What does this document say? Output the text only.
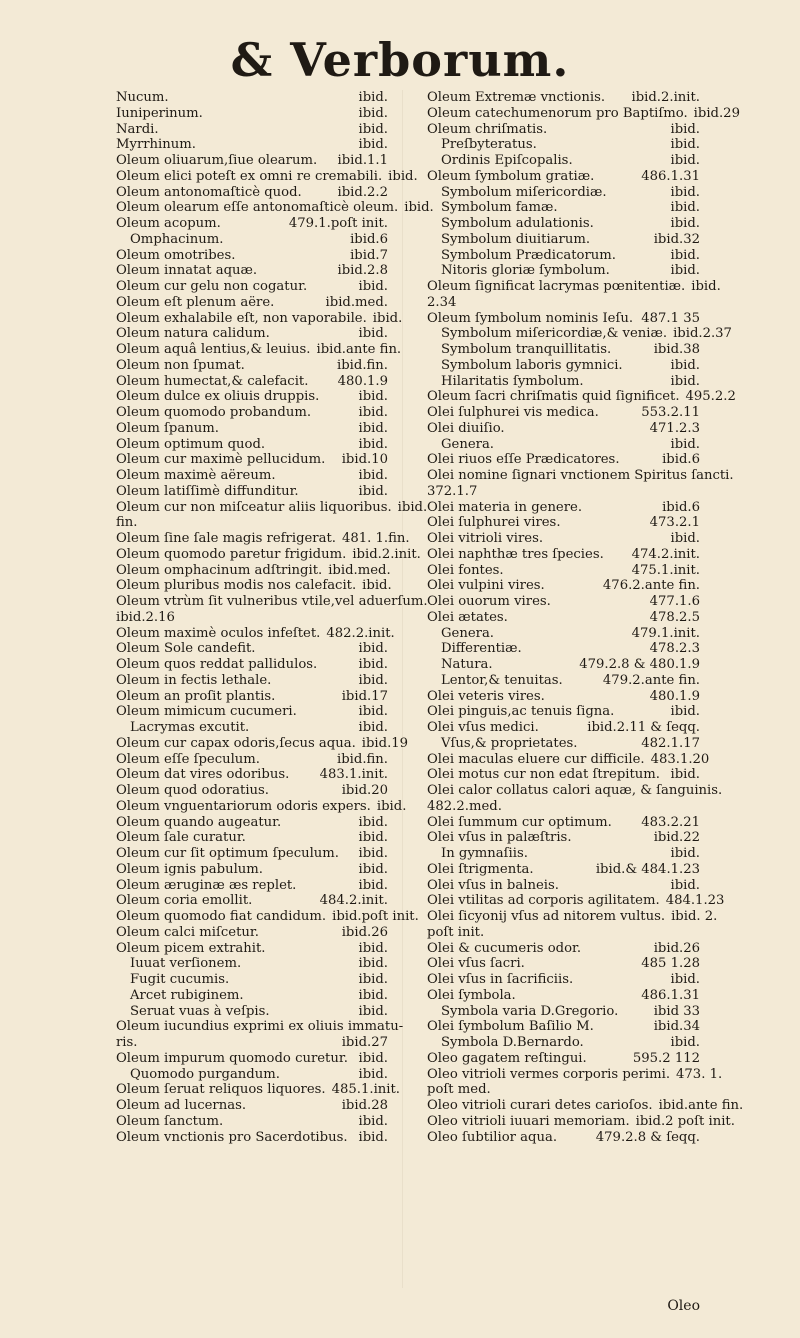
& Verborum.
Nucum.	ibid.
Iuniperinum.	ibid.
Nardi.	ibid.
Myrrhinum.	ibid.
Oleum oliuarum,ſiue olearum.	ibid.1.1
Oleum elici poteſt ex omni re cremabili. ibid.
Oleum antonomaſticè quod.	ibid.2.2
Oleum olearum eſſe antonomaſticè oleum. ibid.
Oleum acopum.	479.1.poſt init.
Omphacinum.	ibid.6
Oleum omotribes.	ibid.7
Oleum innatat aquæ.	ibid.2.8
Oleum cur gelu non cogatur.	ibid.
Oleum eſt plenum aëre.	ibid.med.
Oleum exhalabile eſt, non vaporabile. ibid.
Oleum natura calidum.	ibid.
Oleum aquâ lentius,& leuius. ibid.ante fin.
Oleum non ſpumat.	ibid.fin.
Oleum humectat,& calefacit.	480.1.9
Oleum dulce ex oliuis druppis.	ibid.
Oleum quomodo probandum.	ibid.
Oleum ſpanum.	ibid.
Oleum optimum quod.	ibid.
Oleum cur maximè pellucidum.	ibid.10
Oleum maximè aëreum.	ibid.
Oleum latiſſimè diffunditur.	ibid.
Oleum cur non miſceatur aliis liquoribus. ibid.
fin.
Oleum ſine ſale magis refrigerat. 481. 1.fin.
Oleum quomodo paretur frigidum. ibid.2.init.
Oleum omphacinum adſtringit. ibid.med.
Oleum pluribus modis nos calefacit. ibid.
Oleum vtrùm ſit vulneribus vtile,vel aduerſum.
ibid.2.16
Oleum maximè oculos infeſtet. 482.2.init.
Oleum Sole candefit.	ibid.
Oleum quos reddat pallidulos.	ibid.
Oleum in fectis lethale.	ibid.
Oleum an proſit plantis.	ibid.17
Oleum mimicum cucumeri.	ibid.
Lacrymas excutit.	ibid.
Oleum cur capax odoris,ſecus aqua. ibid.19
Oleum eſſe ſpeculum.	ibid.fin.
Oleum dat vires odoribus.	483.1.init.
Oleum quod odoratius.	ibid.20
Oleum vnguentariorum odoris expers. ibid.
Oleum quando augeatur.	ibid.
Oleum ſale curatur.	ibid.
Oleum cur ſit optimum ſpeculum.	ibid.
Oleum ignis pabulum.	ibid.
Oleum æruginæ æs replet.	ibid.
Oleum coria emollit.	484.2.init.
Oleum quomodo fiat candidum. ibid.poſt init.
Oleum calci miſcetur.	ibid.26
Oleum picem extrahit.	ibid.
Iuuat verſionem.	ibid.
Fugit cucumis.	ibid.
Arcet rubiginem.	ibid.
Seruat vuas à veſpis.	ibid.
Oleum iucundius exprimi ex oliuis immatu-
ris.	ibid.27
Oleum impurum quomodo curetur. ibid.
Quomodo purgandum.	ibid.
Oleum ſeruat reliquos liquores. 485.1.init.
Oleum ad lucernas.	ibid.28
Oleum ſanctum.	ibid.
Oleum vnctionis pro Sacerdotibus. ibid.
Oleum Extremæ vnctionis.	ibid.2.init.
Oleum catechumenorum pro Baptiſmo. ibid.29
Oleum chriſmatis.	ibid.
Preſbyteratus.	ibid.
Ordinis Epiſcopalis.	ibid.
Oleum ſymbolum gratiæ.	486.1.31
Symbolum miſericordiæ.	ibid.
Symbolum famæ.	ibid.
Symbolum adulationis.	ibid.
Symbolum diuitiarum.	ibid.32
Symbolum Prædicatorum.	ibid.
Nitoris gloriæ ſymbolum.	ibid.
Oleum ſignificat lacrymas pœnitentiæ. ibid.
2.34
Oleum ſymbolum nominis Ieſu. 487.1 35
Symbolum miſericordiæ,& veniæ. ibid.2.37
Symbolum tranquillitatis.	ibid.38
Symbolum laboris gymnici.	ibid.
Hilaritatis ſymbolum.	ibid.
Oleum ſacri chriſmatis quid ſignificet. 495.2.2
Olei ſulphurei vis medica.	553.2.11
Olei diuiſio.	471.2.3
Genera.	ibid.
Olei riuos eſſe Prædicatores.	ibid.6
Olei nomine ſignari vnctionem Spiritus ſancti.
372.1.7
Olei materia in genere.	ibid.6
Olei ſulphurei vires.	473.2.1
Olei vitrioli vires.	ibid.
Olei naphthæ tres ſpecies.	474.2.init.
Olei fontes.	475.1.init.
Olei vulpini vires.	476.2.ante fin.
Olei ouorum vires.	477.1.6
Olei ætates.	478.2.5
Genera.	479.1.init.
Differentiæ.	478.2.3
Natura.	479.2.8 & 480.1.9
Lentor,& tenuitas.	479.2.ante fin.
Olei veteris vires.	480.1.9
Olei pinguis,ac tenuis ſigna.	ibid.
Olei vſus medici.	ibid.2.11 & ſeqq.
Vſus,& proprietates.	482.1.17
Olei maculas eluere cur difficile. 483.1.20
Olei motus cur non edat ſtrepitum. ibid.
Olei calor collatus calori aquæ, & ſanguinis.
482.2.med.
Olei ſummum cur optimum.	483.2.21
Olei vſus in palæſtris.	ibid.22
In gymnaſiis.	ibid.
Olei ſtrigmenta.	ibid.& 484.1.23
Olei vſus in balneis.	ibid.
Olei vtilitas ad corporis agilitatem. 484.1.23
Olei ſicyonij vſus ad nitorem vultus. ibid. 2.
poſt init.
Olei & cucumeris odor.	ibid.26
Olei vſus ſacri.	485 1.28
Olei vſus in ſacrificiis.	ibid.
Olei ſymbola.	486.1.31
Symbola varia D.Gregorio.	ibid 33
Olei ſymbolum Baſilio M.	ibid.34
Symbola D.Bernardo.	ibid.
Oleo gagatem reſtingui.	595.2 112
Oleo vitrioli vermes corporis perimi. 473. 1.
poſt med.
Oleo vitrioli curari detes carioſos. ibid.ante fin.
Oleo vitrioli iuuari memoriam. ibid.2 poſt init.
Oleo ſubtilior aqua.	479.2.8 & ſeqq.
Oleo
